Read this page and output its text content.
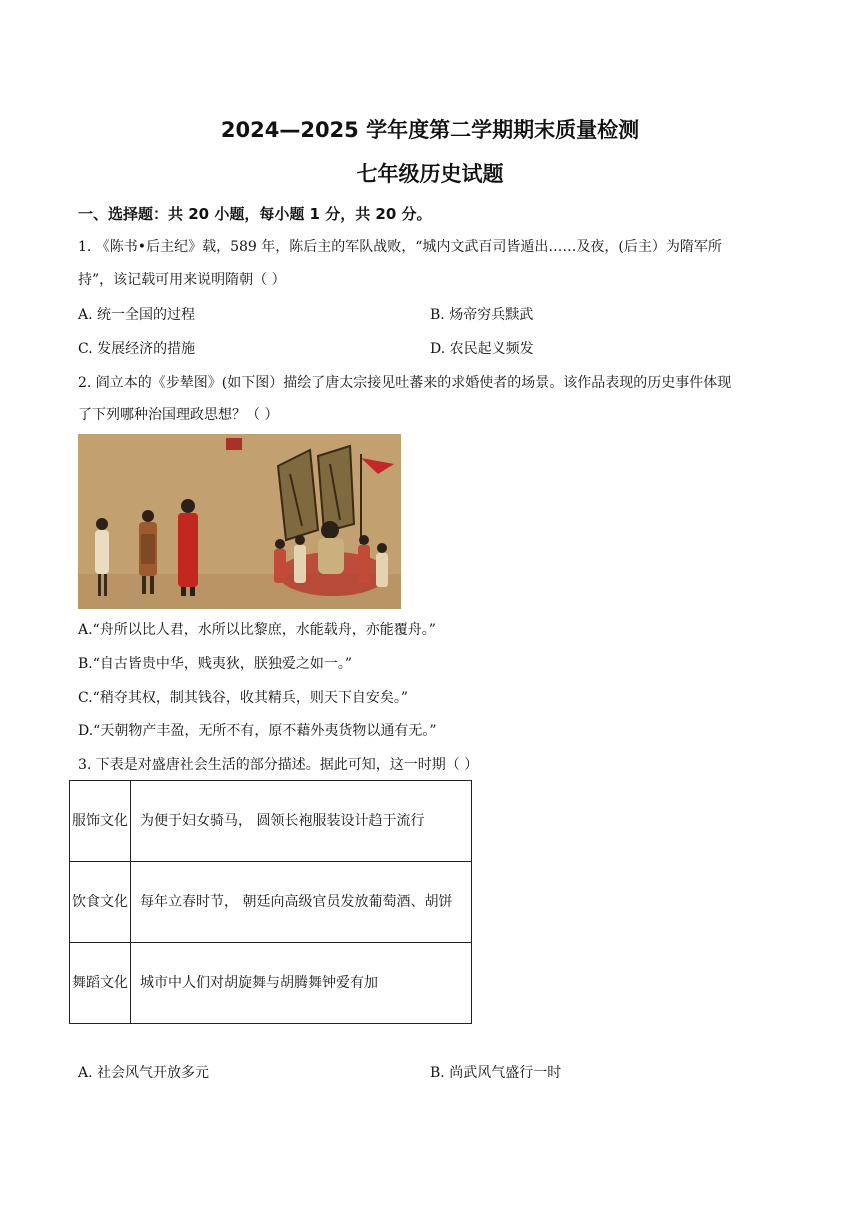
2024—2025 学年度第二学期期末质量检测
七年级历史试题
一、选择题：共 20 小题，每小题 1 分，共 20 分。
1. 《陈书•后主纪》载，589 年，陈后主的军队战败，“城内文武百司皆遁出……及夜，(后主）为隋军所
持”，该记载可用来说明隋朝（ ）
A. 统一全国的过程	B. 炀帝穷兵黩武
C. 发展经济的措施	D. 农民起义频发
2. 阎立本的《步辇图》(如下图）描绘了唐太宗接见吐蕃来的求婚使者的场景。该作品表现的历史事件体现
了下列哪种治国理政思想？（ ）
A.“舟所以比人君，水所以比黎庶，水能载舟，亦能覆舟。”
B.“自古皆贵中华，贱夷狄，朕独爱之如一。”
C.“稍夺其权，制其钱谷，收其精兵，则天下自安矣。”
D.“天朝物产丰盈，无所不有，原不藉外夷货物以通有无。”
3. 下表是对盛唐社会生活的部分描述。据此可知，这一时期（ ）
服饰文化	为便于妇女骑马， 圆领长袍服装设计趋于流行
饮食文化	每年立春时节， 朝廷向高级官员发放葡萄酒、胡饼
舞蹈文化	城市中人们对胡旋舞与胡腾舞钟爱有加
A. 社会风气开放多元	B. 尚武风气盛行一时
